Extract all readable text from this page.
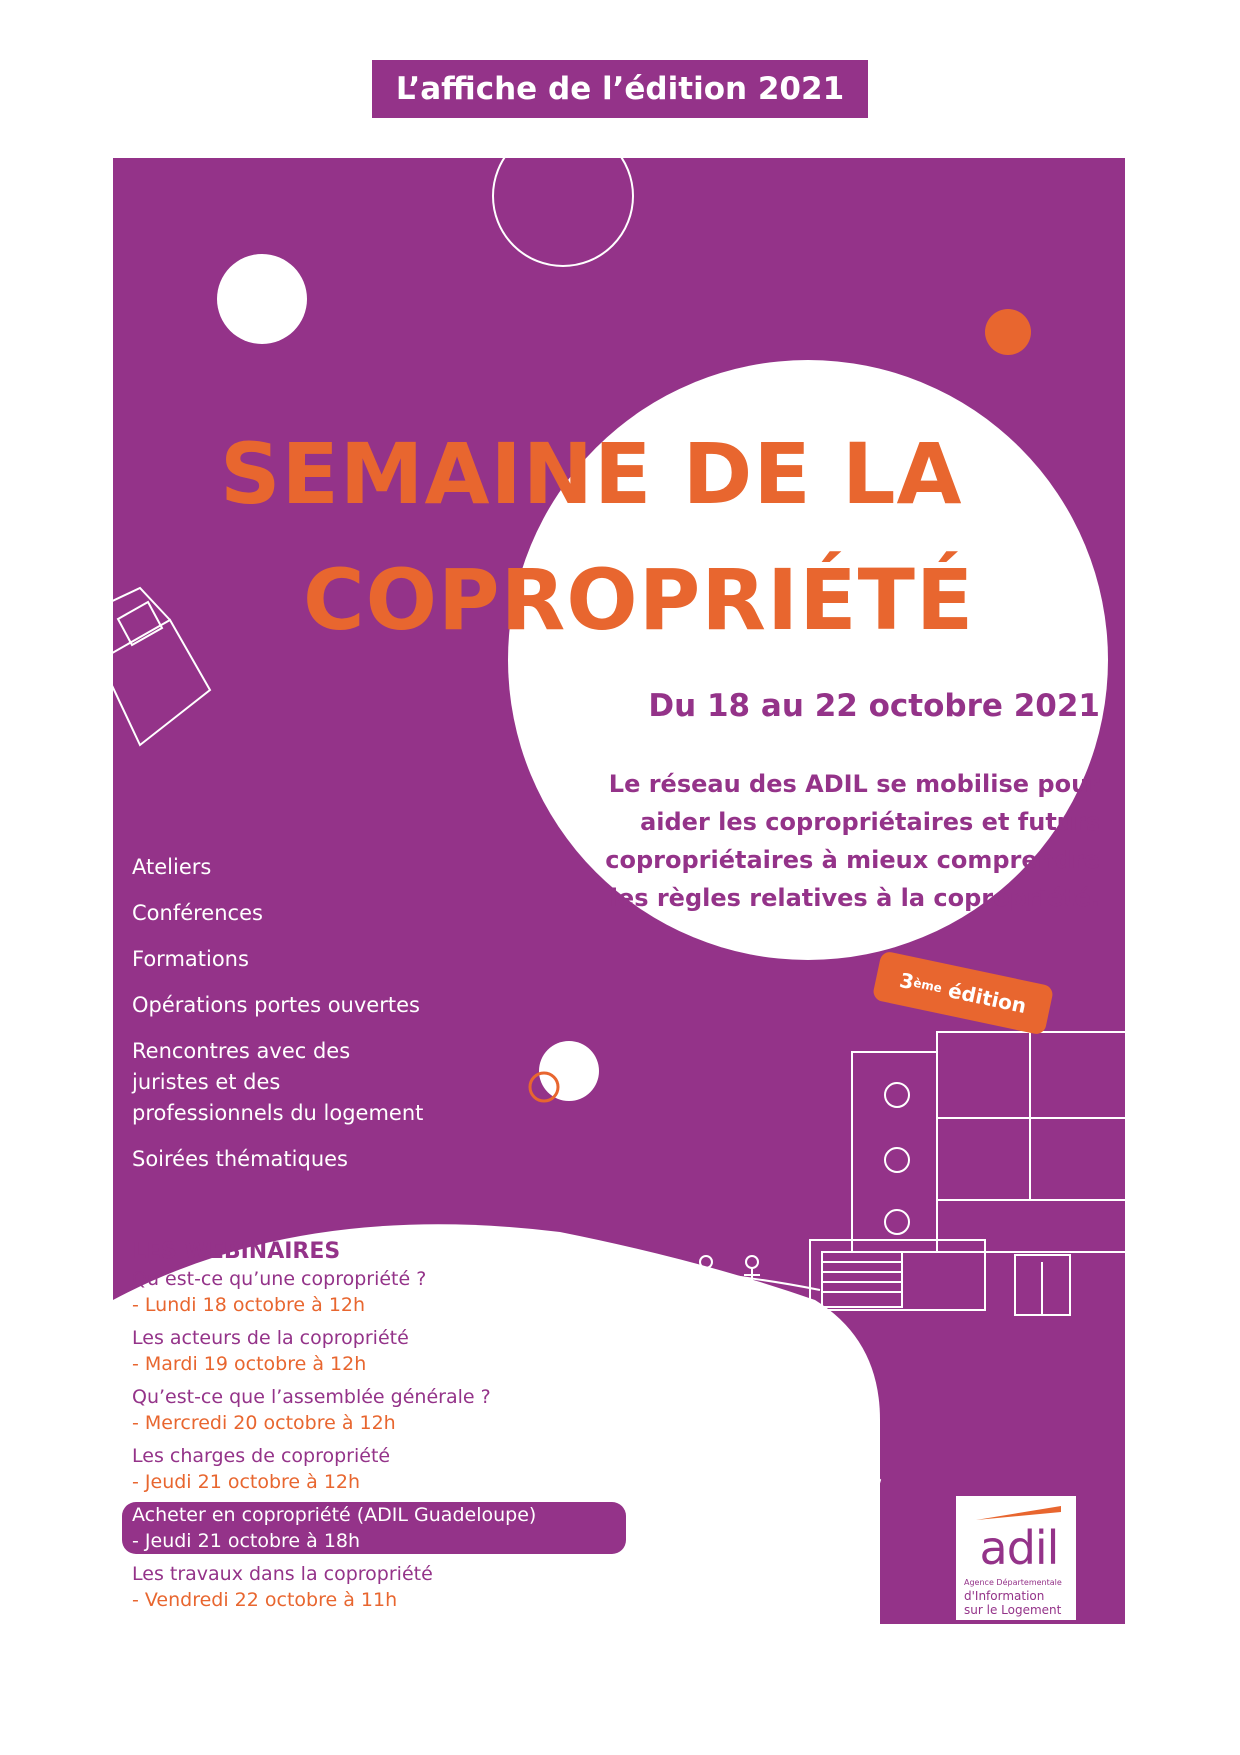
L’affiche de l’édition 2021
SEMAINE DE LA
COPROPRIÉTÉ
Du 18 au 22 octobre 2021
Le réseau des ADIL se mobilise pour
aider les copropriétaires et futurs
copropriétaires à mieux comprendre
les règles relatives à la copropriété.
Ateliers
Conférences
Formations
Opérations portes ouvertes
Rencontres avec des juristes et des professionnels du logement
Soirées thématiques
3
ème
édition
LES WEBINAIRES
Qu’est-ce qu’une copropriété ?
- Lundi 18 octobre à 12h
Les acteurs de la copropriété
- Mardi 19 octobre à 12h
Qu’est-ce que l’assemblée générale ?
- Mercredi 20 octobre à 12h
Les charges de copropriété
- Jeudi 21 octobre à 12h
Acheter en copropriété (ADIL Guadeloupe)
- Jeudi 21 octobre à 18h
Les travaux dans la copropriété
- Vendredi 22 octobre à 11h
adil
Agence Départementale
d'Information
sur le Logement
